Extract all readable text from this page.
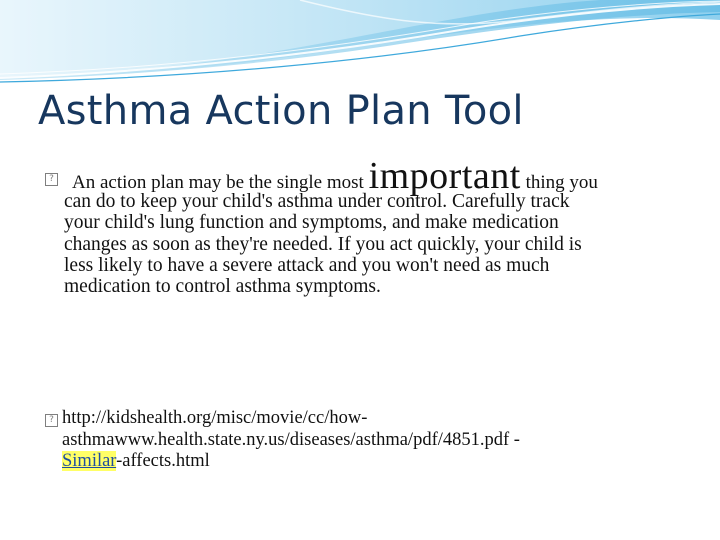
Asthma Action Plan Tool
? An action plan may be the single most important thing you
can do to keep your child's asthma under control. Carefully track
your child's lung function and symptoms, and make medication
changes as soon as they're needed. If you act quickly, your child is
less likely to have a severe attack and you won't need as much
medication to control asthma symptoms.
? http://kidshealth.org/misc/movie/cc/how-
asthmawww.health.state.ny.us/diseases/asthma/pdf/4851.pdf -
Similar-affects.html
